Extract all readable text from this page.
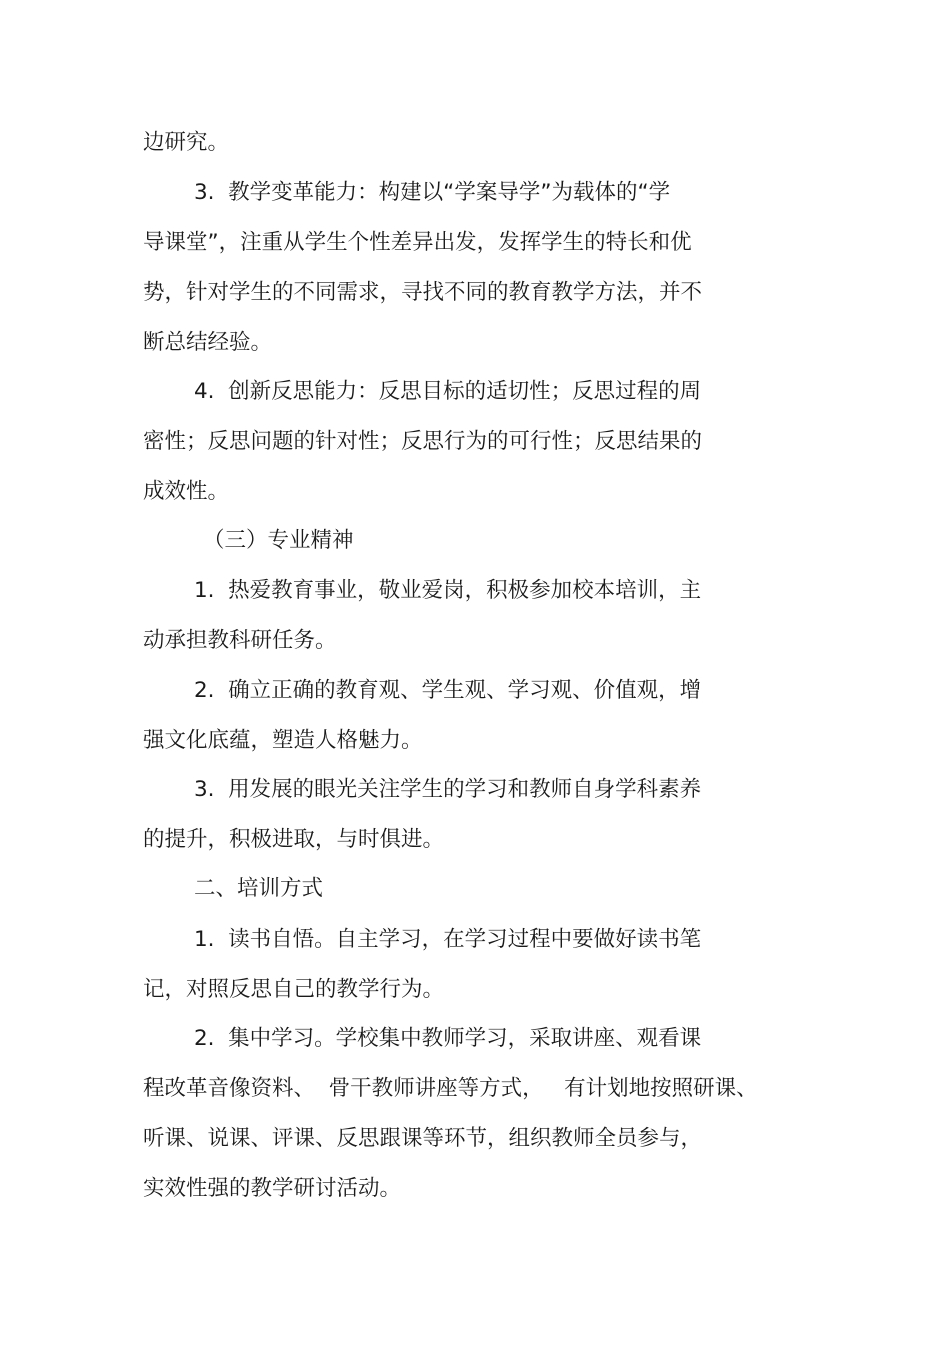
边研究。
3.  教学变革能力：构建以“学案导学”为载体的“学
导课堂”，注重从学生个性差异出发，发挥学生的特长和优
势，针对学生的不同需求，寻找不同的教育教学方法，并不
断总结经验。
4.  创新反思能力：反思目标的适切性；反思过程的周
密性；反思问题的针对性；反思行为的可行性；反思结果的
成效性。
（三）专业精神
1.  热爱教育事业，敬业爱岗，积极参加校本培训，主
动承担教科研任务。
2.  确立正确的教育观、学生观、学习观、价值观，增
强文化底蕴，塑造人格魅力。
3.  用发展的眼光关注学生的学习和教师自身学科素养
的提升，积极进取，与时俱进。
二、培训方式
1.  读书自悟。自主学习，在学习过程中要做好读书笔
记，对照反思自己的教学行为。
2.  集中学习。学校集中教师学习，采取讲座、观看课
程改革音像资料、  骨干教师讲座等方式，   有计划地按照研课、
听课、说课、评课、反思跟课等环节，组织教师全员参与，
实效性强的教学研讨活动。
